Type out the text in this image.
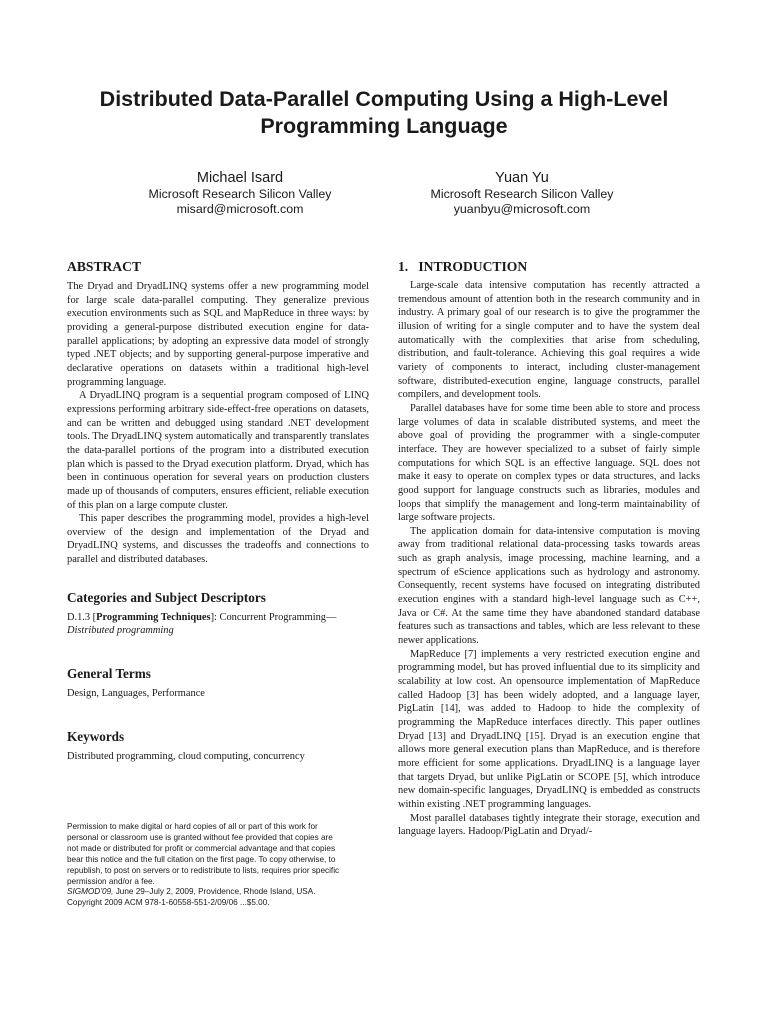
Distributed Data-Parallel Computing Using a High-Level
Programming Language
Michael Isard
Microsoft Research Silicon Valley
misard@microsoft.com
Yuan Yu
Microsoft Research Silicon Valley
yuanbyu@microsoft.com
ABSTRACT

The Dryad and DryadLINQ systems offer a new programming model for large scale data-parallel computing. They generalize previous execution environments such as SQL and MapReduce in three ways: by providing a general-purpose distributed execution engine for data-parallel applications; by adopting an expressive data model of strongly typed .NET objects; and by supporting general-purpose imperative and declarative operations on datasets within a traditional high-level programming language.

A DryadLINQ program is a sequential program composed of LINQ expressions performing arbitrary side-effect-free operations on datasets, and can be written and debugged using standard .NET development tools. The DryadLINQ system automatically and transparently translates the data-parallel portions of the program into a distributed execution plan which is passed to the Dryad execution platform. Dryad, which has been in continuous operation for several years on production clusters made up of thousands of computers, ensures efficient, reliable execution of this plan on a large compute cluster.

This paper describes the programming model, provides a high-level overview of the design and implementation of the Dryad and DryadLINQ systems, and discusses the tradeoffs and connections to parallel and distributed databases.

Categories and Subject Descriptors

D.1.3 [Programming Techniques]: Concurrent Programming—Distributed programming

General Terms

Design, Languages, Performance

Keywords

Distributed programming, cloud computing, concurrency

Permission to make digital or hard copies of all or part of this work for
personal or classroom use is granted without fee provided that copies are
not made or distributed for profit or commercial advantage and that copies
bear this notice and the full citation on the first page. To copy otherwise, to
republish, to post on servers or to redistribute to lists, requires prior specific
permission and/or a fee.
SIGMOD’09, June 29–July 2, 2009, Providence, Rhode Island, USA.
Copyright 2009 ACM 978-1-60558-551-2/09/06 ...$5.00.
1.   INTRODUCTION

Large-scale data intensive computation has recently attracted a tremendous amount of attention both in the research community and in industry. A primary goal of our research is to give the programmer the illusion of writing for a single computer and to have the system deal automatically with the complexities that arise from scheduling, distribution, and fault-tolerance. Achieving this goal requires a wide variety of components to interact, including cluster-management software, distributed-execution engine, language constructs, parallel compilers, and development tools.

Parallel databases have for some time been able to store and process large volumes of data in scalable distributed systems, and meet the above goal of providing the programmer with a single-computer interface. They are however specialized to a subset of fairly simple computations for which SQL is an effective language. SQL does not make it easy to operate on complex types or data structures, and lacks good support for language constructs such as libraries, modules and loops that simplify the management and long-term maintainability of large software projects.

The application domain for data-intensive computation is moving away from traditional relational data-processing tasks towards areas such as graph analysis, image processing, machine learning, and a spectrum of eScience applications such as hydrology and astronomy. Consequently, recent systems have focused on integrating distributed execution engines with a standard high-level language such as C++, Java or C#. At the same time they have abandoned standard database features such as transactions and tables, which are less relevant to these newer applications.

MapReduce [7] implements a very restricted execution engine and programming model, but has proved influential due to its simplicity and scalability at low cost. An opensource implementation of MapReduce called Hadoop [3] has been widely adopted, and a language layer, PigLatin [14], was added to Hadoop to hide the complexity of programming the MapReduce interfaces directly. This paper outlines Dryad [13] and DryadLINQ [15]. Dryad is an execution engine that allows more general execution plans than MapReduce, and is therefore more efficient for some applications. DryadLINQ is a language layer that targets Dryad, but unlike PigLatin or SCOPE [5], which introduce new domain-specific languages, DryadLINQ is embedded as constructs within existing .NET programming languages.

Most parallel databases tightly integrate their storage, execution and language layers. Hadoop/PigLatin and Dryad/-
